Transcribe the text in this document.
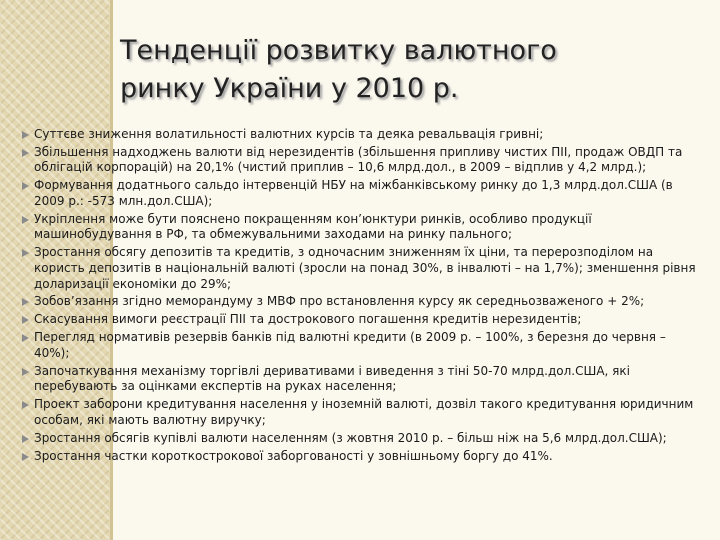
Тенденції розвитку валютного
ринку України у 2010 р.
Суттєве зниження волатильності валютних курсів та деяка ревальвація гривні;
Збільшення надходжень валюти від нерезидентів (збільшення припливу чистих ПІІ, продаж ОВДП та облігацій корпорацій) на 20,1% (чистий приплив – 10,6 млрд.дол., в 2009 – відплив у 4,2 млрд.);
Формування додатнього сальдо інтервенцій НБУ на міжбанківському ринку до 1,3 млрд.дол.США (в 2009 р.: -573 млн.дол.США);
Укріплення може бути пояснено покращенням кон’юнктури ринків, особливо продукції машинобудування в РФ, та обмежувальними заходами на ринку пального;
Зростання обсягу депозитів та кредитів, з одночасним зниженням їх ціни, та перерозподілом на користь депозитів в національній валюті (зросли на понад 30%, в інвалюті – на 1,7%); зменшення рівня доларизації економіки до 29%;
Зобов’язання згідно меморандуму з МВФ про встановлення курсу як середньозваженого + 2%;
Скасування вимоги реєстрації ПІІ та дострокового погашення кредитів нерезидентів;
Перегляд нормативів резервів банків під валютні кредити (в 2009 р. – 100%, з березня до червня – 40%);
Започаткування механізму торгівлі деривативами і виведення з тіні 50-70 млрд.дол.США, які перебувають за оцінками експертів на руках населення;
Проект заборони кредитування населення у іноземній валюті, дозвіл такого кредитування юридичним особам, які мають валютну виручку;
Зростання обсягів купівлі валюти населенням (з жовтня 2010 р. – більш ніж на 5,6 млрд.дол.США);
Зростання частки короткострокової заборгованості у зовнішньому боргу до 41%.
